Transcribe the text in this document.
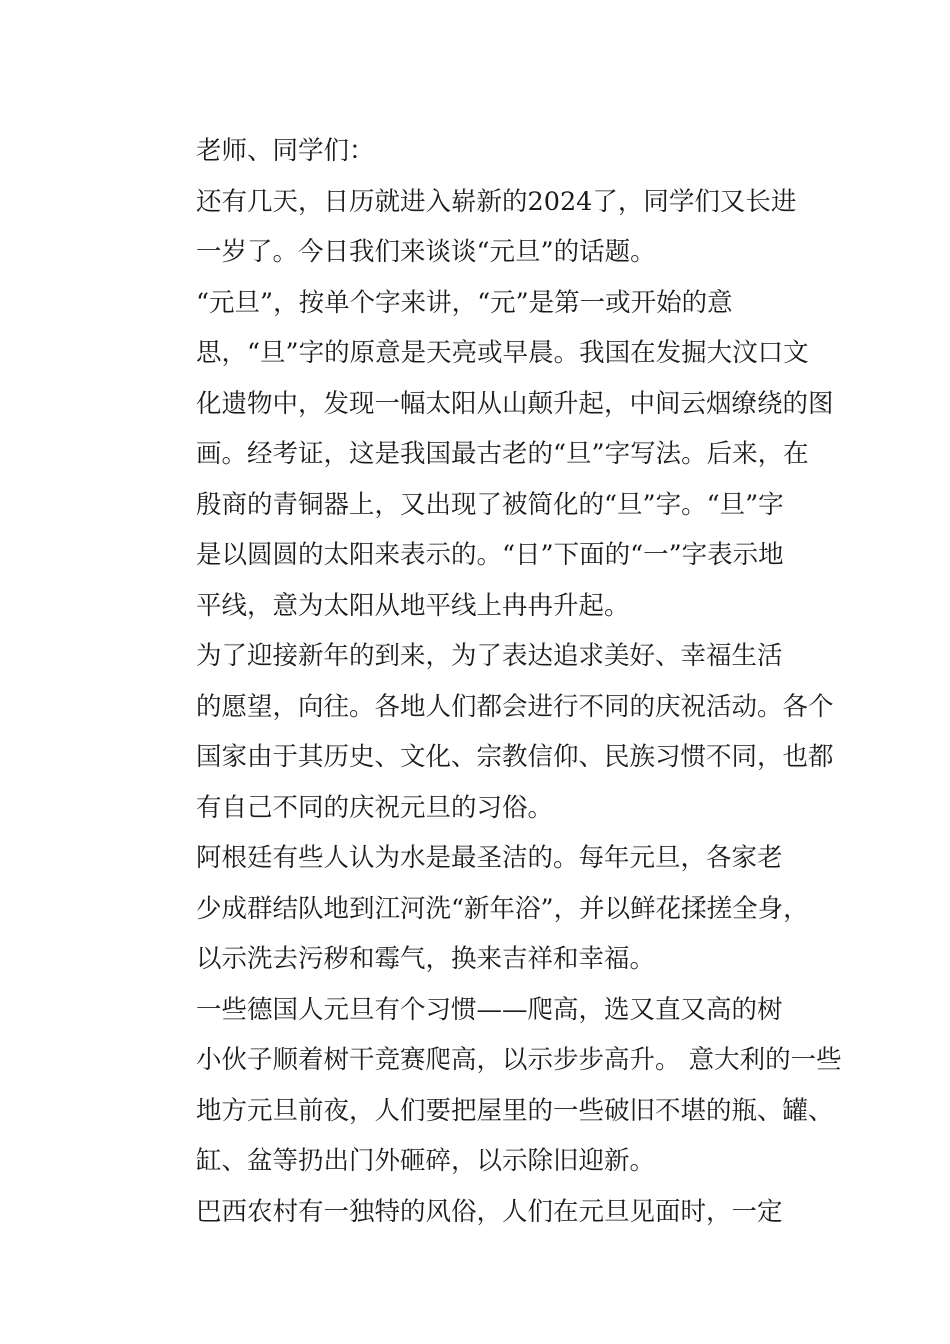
老师、同学们：

还有几天，日历就进入崭新的2024了，同学们又长进
一岁了。今日我们来谈谈“元旦”的话题。

“元旦”，按单个字来讲，“元”是第一或开始的意
思，“旦”字的原意是天亮或早晨。我国在发掘大汶口文
化遗物中，发现一幅太阳从山颠升起，中间云烟缭绕的图
画。经考证，这是我国最古老的“旦”字写法。后来，在
殷商的青铜器上，又出现了被简化的“旦”字。“旦”字
是以圆圆的太阳来表示的。“日”下面的“一”字表示地
平线，意为太阳从地平线上冉冉升起。

为了迎接新年的到来，为了表达追求美好、幸福生活
的愿望，向往。各地人们都会进行不同的庆祝活动。各个
国家由于其历史、文化、宗教信仰、民族习惯不同，也都
有自己不同的庆祝元旦的习俗。

阿根廷有些人认为水是最圣洁的。每年元旦，各家老
少成群结队地到江河洗“新年浴”，并以鲜花揉搓全身，
以示洗去污秽和霉气，换来吉祥和幸福。

一些德国人元旦有个习惯——爬高，选又直又高的树
小伙子顺着树干竞赛爬高，以示步步高升。 意大利的一些
地方元旦前夜，人们要把屋里的一些破旧不堪的瓶、罐、
缸、盆等扔出门外砸碎，以示除旧迎新。

巴西农村有一独特的风俗，人们在元旦见面时，一定
